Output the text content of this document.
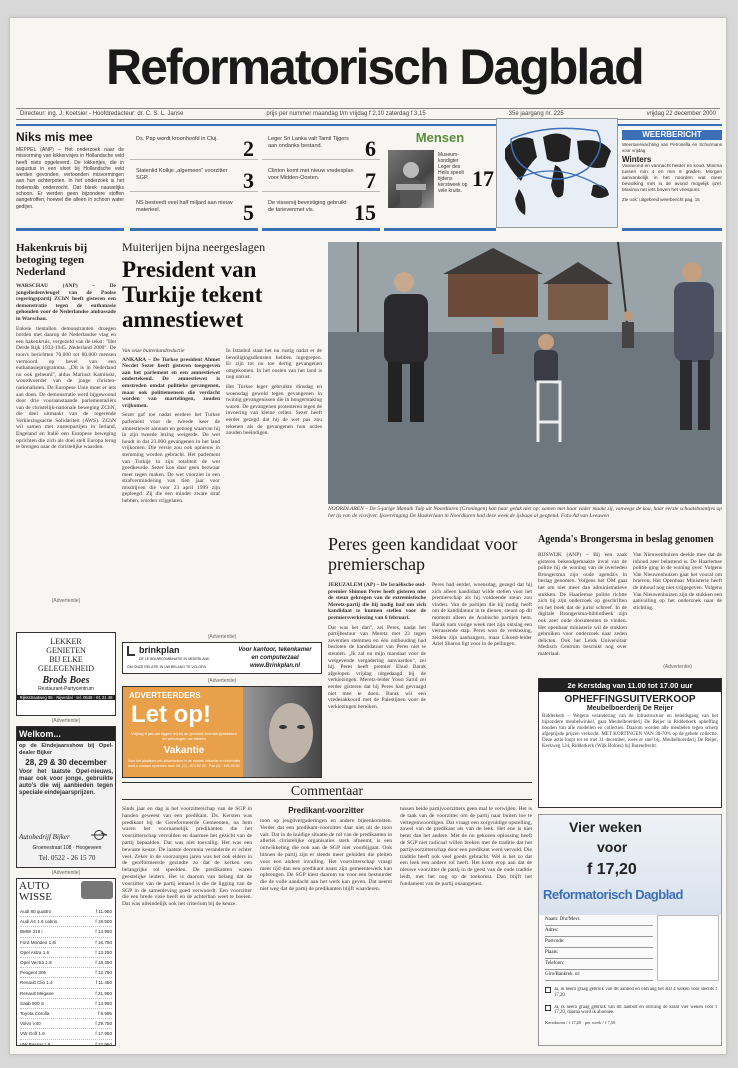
Reformatorisch Dagblad
Directeur: ing. J. Koetsier - Hoofdredacteur: dr. C. S. L. Janse	prijs per nummer maandag t/m vrijdag f 2,10 zaterdag f 3,15	35e jaargang nr. 225	vrijdag 22 december 2000
Niks mis mee
MEPPEL (ANP) – Het onderzoek naar de misvorming van kikkervisjes in Hollandsche veld heeft niets opgeleverd. De kikkertjes, die in augustus in een sloot bij Hollandsche veld werden gevonden, vertoonden misvormingen aan hun achterpoten. In het onderzoek is het bodemslib onderzocht. Dat bleek nauwelijks schoon. Er werden geen bijzondere stoffen aangetroffen, hoewel die alleen in schoon water gedijen.
Ds. Pap wordt kroonhoofd in Cluj.	2
Statenlid Kolkje „algemeen” voorzitter SGP.	3
NS besteedt veel half miljard aan nieuw materieel.	5
Leger Sri Lanka valt Tamil Tijgers aan ondanks bestand.	6
Clinton komt met nieuw vredesplan voor Midden-Oosten.	7
De vissersij bevestiging gebruikt de tarievenmet vis.	15
Mensen
Museum-kondigter Leger des Heils speelt tijdens kerstweek op vele kruits. 17
WEERBERICHT
Weersverwachting van Petronella en Schurmans voor vrijdag
Winters
Vanavond en vannacht helder en koud. Minima tussen min 4 en min 9 graden. Morgen aanvankelijk in het noorden wat meer bewolking met in de avond mogelijk ijzel. Maxima net iets boven het vriespunt.
Zie ook: uitgebreid weerbericht pag. 15
Hakenkruis bij betoging tegen Nederland
WARSCHAU (ANP) – De jongeliedenvleugel van de Poolse regeringspartij ZChN heeft gisteren een demonstratie tegen de euthanasie gehouden voor de Nederlandse ambassade in Warschau.
Enkele tientallen demonstranten droegen borden met daarop de Nederlandse vlag en een hakenkruis, vergezeld van de tekst: "Het Derde Rijk 1933-1945. Nederland 2000". De toon's berichtten 70.000 tot 80.000 mensen vermoord op bevel van een euthanasieprogramma. „Dit is in Nederland nu ook gebeurd", aldus Mariusz Kaminski, woordvoerder van de jonge christen-nationalisten. De Europese Unie moet er iets aan doen. De demonstratie werd bijgewoond door drie vooraanstaande parlementariërs van de christelijk-nationale beweging ZChN, die deel uitmaakt van de regerende Verkiezingsactie Solidariteit (AWS). ZChN wil samen met zusterpartijen in Ierland, Engeland en Italië een Europese beweging oprichten die zich als doel stelt Europa terug te brengen naar de christelijke waarden.
(Advertentie)
Muiterijen bijna neergeslagen
President van Turkije tekent amnestiewet
Van onze buitenlandredactie
ANKARA – De Turkse president Ahmet Necdet Sezer heeft gisteren toegegeven aan het parlement en een amnestiewet ondertekend. De amnestiewet is omstreden omdat politieke gevangenen, maar ook politiemensen die verdacht worden van martelingen, zouden vrijkomen.
Sezer gaf toe nadat eerdere het Turkse parlement voor de tweede keer de amnestiewet aannam en genoeg waarvan hij in zijn tweede lezing weigerde. De wet houdt in dat 23.000 gevangenen in het land vrijkomen. Die versie zou ook opnieuw in stemming worden gebracht. Het parlement van Turkije in zijn totaliteit de wet goedkeurde. Sezer kon daar geen bezwaar meer tegen maken. De wet voorziet in een strafvermindering van tien jaar voor misdrijven die voor 23 april 1999 zijn gepleegd. Zij die een minder zware straf hebben, worden vrijgelaten.
In Istanbul staat het nu rustig nadat er de beveiligingsdiensten hebben ingegrepen. Er zijn tot nu toe dertig gevangenen omgekomen. In het oosten van het land is nog onrust.
Het Turkse leger gebruikte dinsdag en woensdag geweld tegen gevangenen in twintig gevangenissen die in hongerstaking waren. De gevangenen protesteren tegen de invoering van kleine cellen. Sezer heeft eerder gezegd dat hij de wet pas zou tekenen als de gevangenen hun acties zouden beëindigen.
NOORDLAREN – De 5-jarige Manuik Tuip uit Noordlaren (Groningen) kan haar geluk niet op: samen met haar vader maakt zij, vanwege de kou, haar eerste schaatsbaantjes op het ijs van de visvijver. Ijsvereniging De Haskerlaan in Noordlaren had deze week de ijsbaan al geopend. Foto Ad van Leeuwen
Peres geen kandidaat voor premierschap
JERUZALEM (AP) – De Israëlische oud-premier Shimon Peres heeft gisteren niet de steun gekregen van de extremistische Meretz-partij die hij nodig had om zich kandidaat te kunnen stellen voor de premiersverkiezing van 6 februari.
Dat was het dan", zei Peres, nadat het partijbestuur van Meretz met 23 tegen zeventien stemmen en één onthouding had besloten de kandidatuur van Peres niet te steunen. „Ik zal nu mijn mandaat voor de wetgevende vergadering aanvaarden", zei hij. Peres heeft premier Ehud Barak afgelopen vrijdag uitgedaagd bij de verkiezingen. Meretz-leider Yossi Sarid zei eerder gisteren dat hij Peres had gevraagd niet mee te doen. Barak wil een vredesakkoord met de Palestijnen voor de verkiezingen bereiken.
Peres had eerder, woensdag, gezegd dat hij zich alleen kandidaat wilde stellen voor het premierschap als hij voldoende steun zou vinden. Van de partijen die hij nodig heeft om de kandidatuur in te dienen, steunt op dit moment alleen de Arabische partijen hem. Barak nam vorige week met zijn ontslag een verrassende stap. Peres won de verkiezing, zeiden zijn aanhangers, maar Likoed-leider Ariel Sharon ligt voor in de peilingen.
Agenda's Brongersma in beslag genomen
RIJSWIJK (ANP) – Bij een zaak gisteren bekendgemaakte inval van de politie bij de woning van de overleden Brongersma zijn oude agenda's in beslag genomen. Volgens het OM gaat het om niet meer dan administratieve stukken. De Haarlemse politie richtte zich bij zijn onderzoek op geschriften en het boek dat de jurist schreef. In de digitale Brongersma-bibliotheek zijn ook zeer oude documenten te vinden. Het openbaar ministerie wil de stukken gebruiken voor onderzoek naar zeden delicten. Ook het Leids Universitair Medisch Centrum beschikt nog over materiaal.
Van Nieuwenhuizen deelde mee dat de inhoud zeer belastend is. De Haarlemse politie ging in de woning over. Volgens Van Nieuwenhuizen gaat het vooral om brieven. Het Openbaar Ministerie heeft de inhoud nog niet vrijgegeven. Volgens Van Nieuwenhuizen zijn de stukken een aanvulling op het onderzoek naar de stichting.
(Advertentie)
LEKKER
GENIETEN
BIJ ELKE
GELEGENHEID
Brods Boes
Restaurant-Partycentrum
Rijksstraatweg 95 · Nijverdal · tel. 0548 - 61 21 48
(Advertentie)
Welkom...
op de Eindejaarsshow bij Opel-dealer Bijker
28, 29 & 30 december
Voor het laatste Opel-nieuws, maar ook voor jonge, gebruikte auto's die wij aanbieden tegen speciale eindejaarsprijzen.
Autobedrijf Bijker
Groenestraat 108 · Hoogeveen
Tel. 0522 - 26 15 70
(Advertentie)
AUTO WISSE
Audi 80 quattro	f 11.950
Audi A4 1.6 cabrio	f 19.500
BMW 318 i	f 14.950
Ford Mondeo 1.8i	f 16.750
Opel Astra 1.6	f 13.250
Opel Vectra 1.8	f 18.450
Peugeot 306	f 12.750
Renault Clio 1.4	f 11.450
Renault Mégane	f 21.950
Saab 900 S	f 14.950
Toyota Corolla	f 8.995
Volvo V40	f 29.750
VW Golf 1.6	f 17.950
VW Passat 1.8	f 22.950
(Advertentie)
brinkplan
DE 1E BOUWCOMBINATIE IN NEDERLAND
OM ONZE RELATIE IN UW BELANG TE VOLGEN
Voor kantoor, tekenkamer
en computerzaal
www.Brinkplan.nl
(Advertentie)
ADVERTEERDERS
Let op!
Vrijdag 5 januari liggen wij bij de grootste boerderijvakbeurs en ontvangen uw ideeën
Vakantie
Voor het plaatsen van advertenties in de rubriek Vakantie en informatie kunt u contact opnemen met: Tel. (0) - 574 52 22 · Fax (0) - 645 49 83
2e Kerstdag van 11.00 tot 17.00 uur
OPHEFFINGSUITVERKOOP
Meubelboerderij De Reijer
Ridderkerk – Wegens verandering van de infrastructuur en beleidsgang van het bijzondere meubelwinkel, gaat Meubelboerderij De Reijer in Ridderkerk opheffing houden van alle modellen en collecties. Daarom worden alle meubelen tegen scherp afgeprijsde prijzen verkocht. MET KORTINGEN VAN 30-70% op de gehele collectie. Deze actie loopt tot en met 31 december, wees er snel bij. Meubelboerderij De Reijer, Kerkweg 124, Ridderkerk (Wijk Bolnes) bij Barendrecht.
Commentaar
Sinds jaar en dag is het voorzitterschap van de SGP in handen geweest van een predikant. Ds. Kersten was predikant bij de Gereformeerde Gemeenten, na hem waren het voornamelijk predikanten die het voorzitterschap vervulden en daarmee het gezicht van de partij bepaalden. Dat was niet toevallig. Het was een bewuste keuze. De laatste decennia veranderde er echter veel. Zeker in de voorzorgen jaren was het ook elders in de gereformeerde gezindte zo dat de kerken een belangrijke rol speelden. De predikanten waren geestelijke leiders. Het is daarom van belang dat de voorzitter van de partij iemand is die de ligging van de SGP in de samenleving goed verwoordt. Een voorzitter die een brede visie heeft en de achterban weet te boeien. Dat was uiteindelijk ook het criterium bij de keuze.
Predikant-voorzitter
toon op jeugdvergaderingen en andere bijeenkomsten. Verder dat een predikant-voorzitter daar niet uit de toon valt. Dat in de huidige situatie de rol van de predikanten in allerlei christelijke organisaties sterk afneemt, is een ontwikkeling die ook aan de SGP niet voorbijgaat. Ook binnen de partij zijn er steeds meer geluiden die pleiten voor een andere invulling. Het voorzitterschap vraagt meer tijd dan een predikant naast zijn gemeentewerk kan opbrengen. De SGP kiest daarom nu voor een bestuurder die de volle aandacht aan het werk kan geven. Dat neemt niet weg dat de partij de predikanten blijft waarderen.
tussen beide partijvoorzitters geen mal te verwijten. Het is de taak van de voorzitter om de partij naar buiten toe te vertegenwoordigen. Dat vraagt een zorgvuldige opstelling, zowel van de predikant als van de leek. Het ene is niet beter dan het andere. Met de nu gekozen oplossing heeft de SGP niet radicaal willen breken met de traditie dat het partijvoorzitterschap door een predikant werd vervuld. Die traditie heeft ook veel goeds gebracht. Wel is het zo dat een leek een andere rol heeft. Het komt erop aan dat de nieuwe voorzitter de partij in de geest van de oude traditie leidt, met het oog op de toekomst. Dan blijft het fundament van de partij onaangetast.
Vier weken
voor
f 17,20
Reformatorisch Dagblad
Naam: Dhr/Mevr.
Adres:
Postcode:
Plaats:
Telefoon:
Giro/Bankrek. nr:
Ja, ik neem graag gebruik van dit aanbod en ontvang het RD 4 weken voor slechts f 17,20.
Ja, ik neem graag gebruik van dit aanbod en ontvang de krant vier weken voor f 17,20, daarna word ik abonnee.
Kerstboom / f 17,20 · per week / f 7,50
